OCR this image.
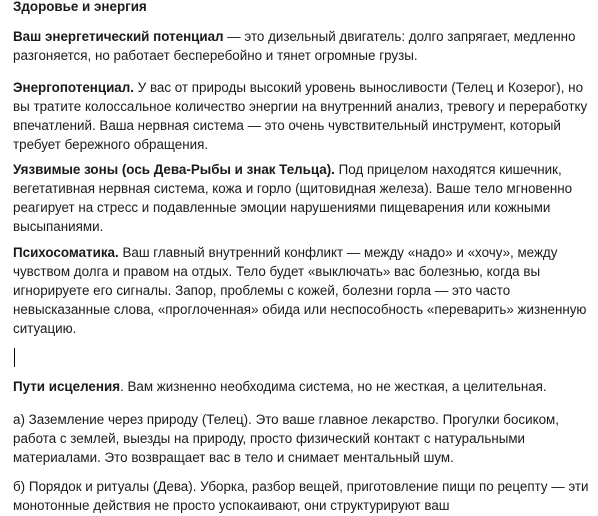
Здоровье и энергия

Ваш энергетический потенциал — это дизельный двигатель: долго запрягает, медленно разгоняется, но работает бесперебойно и тянет огромные грузы.

Энергопотенциал. У вас от природы высокий уровень выносливости (Телец и Козерог), но вы тратите колоссальное количество энергии на внутренний анализ, тревогу и переработку впечатлений. Ваша нервная система — это очень чувствительный инструмент, который требует бережного обращения.

Уязвимые зоны (ось Дева-Рыбы и знак Тельца). Под прицелом находятся кишечник, вегетативная нервная система, кожа и горло (щитовидная железа). Ваше тело мгновенно реагирует на стресс и подавленные эмоции нарушениями пищеварения или кожными высыпаниями.

Психосоматика. Ваш главный внутренний конфликт — между «надо» и «хочу», между чувством долга и правом на отдых. Тело будет «выключать» вас болезнью, когда вы игнорируете его сигналы. Запор, проблемы с кожей, болезни горла — это часто невысказанные слова, «проглоченная» обида или неспособность «переварить» жизненную ситуацию.

Пути исцеления. Вам жизненно необходима система, но не жесткая, а целительная.

а) Заземление через природу (Телец). Это ваше главное лекарство. Прогулки босиком, работа с землей, выезды на природу, просто физический контакт с натуральными материалами. Это возвращает вас в тело и снимает ментальный шум.

б) Порядок и ритуалы (Дева). Уборка, разбор вещей, приготовление пищи по рецепту — эти монотонные действия не просто успокаивают, они структурируют ваш
